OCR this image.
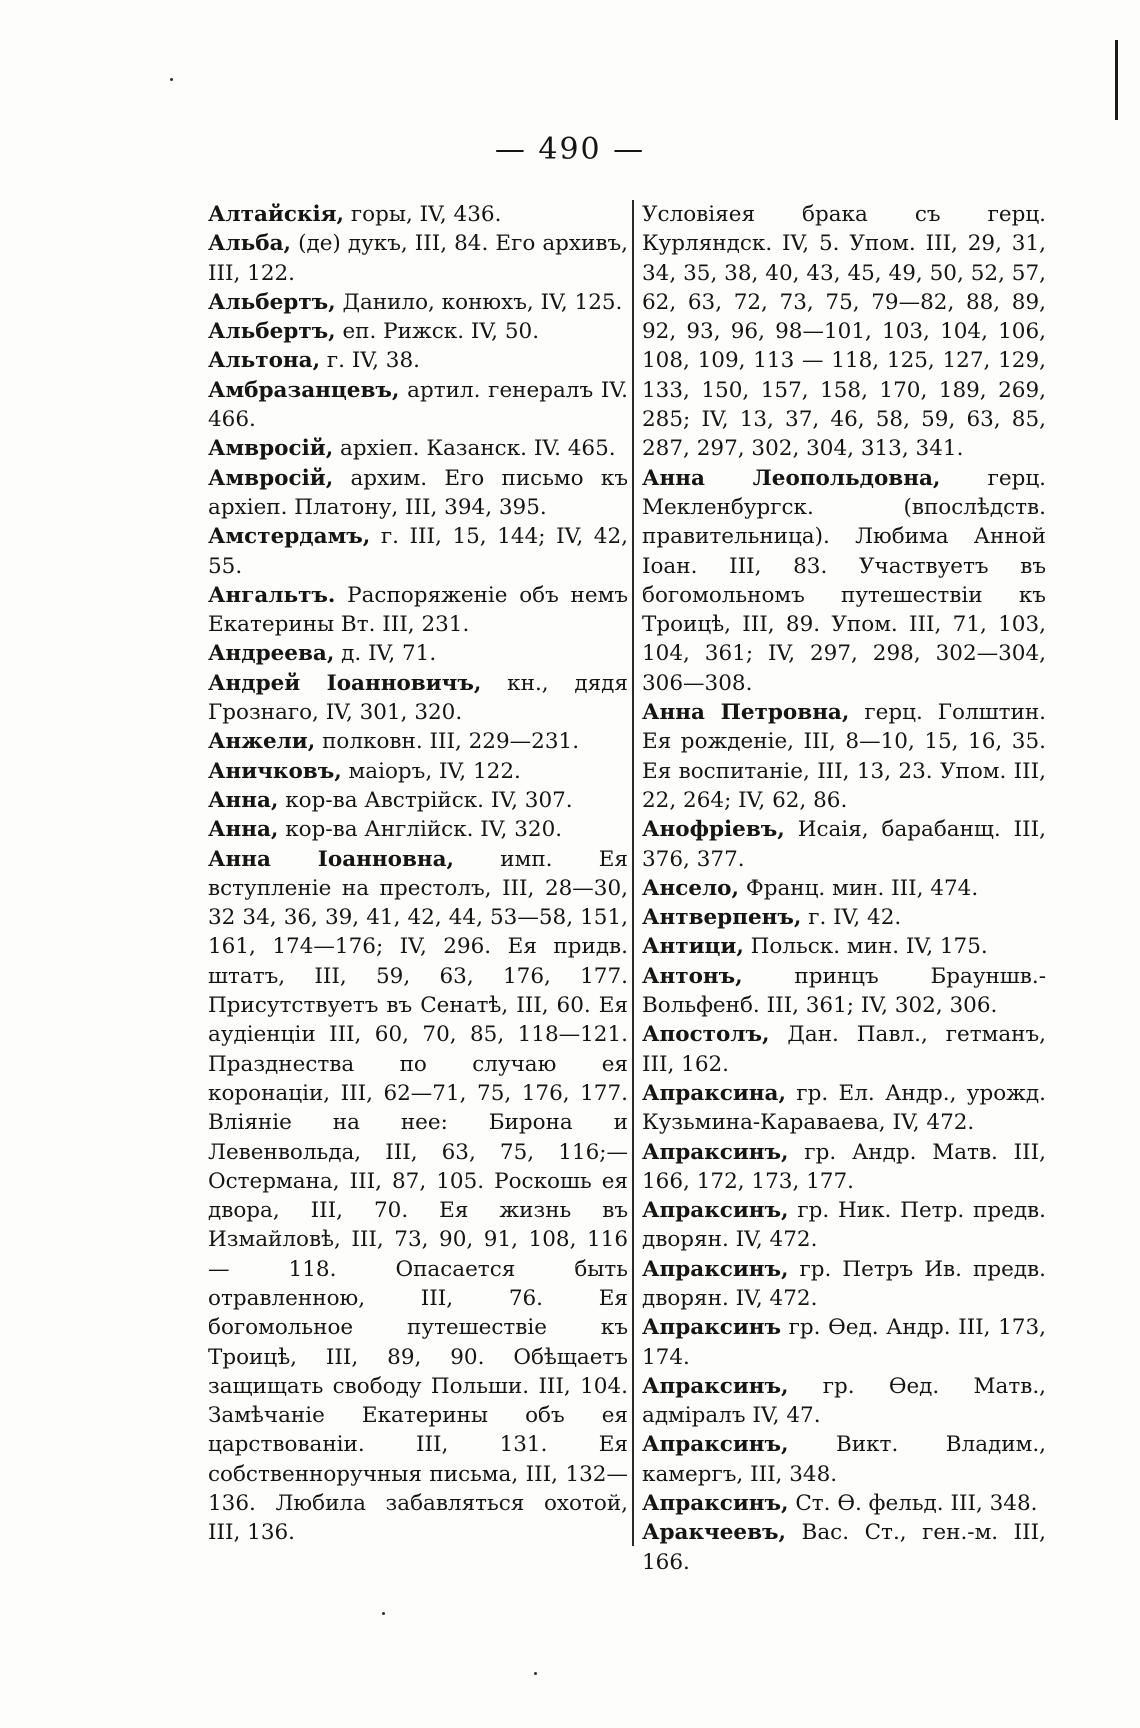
— 490 —
Алтайскія, горы, IV, 436.
Альба, (де) дукъ, III, 84. Его архивъ, III, 122.
Альбертъ, Данило, конюхъ, IV, 125.
Альбертъ, еп. Рижск. IV, 50.
Альтона, г. IV, 38.
Амбразанцевъ, артил. генералъ IV. 466.
Амвросій, архіеп. Казанск. IV. 465.
Амвросій, архим. Его письмо къ архіеп. Платону, III, 394, 395.
Амстердамъ, г. III, 15, 144; IV, 42, 55.
Ангальтъ. Распоряженіе объ немъ Екатерины Вт. III, 231.
Андреева, д. IV, 71.
Андрей Іоанновичъ, кн., дядя Грознаго, IV, 301, 320.
Анжели, полковн. III, 229—231.
Аничковъ, маіоръ, IV, 122.
Анна, кор-ва Австрійск. IV, 307.
Анна, кор-ва Англійск. IV, 320.
Анна Іоанновна, имп. Ея вступленіе на престолъ, III, 28—30, 32 34, 36, 39, 41, 42, 44, 53—58, 151, 161, 174—176; IV, 296. Ея придв. штатъ, III, 59, 63, 176, 177. Присутствуетъ въ Сенатѣ, III, 60. Ея аудіенціи III, 60, 70, 85, 118—121. Празднества по случаю ея коронаціи, III, 62—71, 75, 176, 177. Вліяніе на нее: Бирона и Левенвольда, III, 63, 75, 116;—Остермана, III, 87, 105. Роскошь ея двора, III, 70. Ея жизнь въ Измайловѣ, III, 73, 90, 91, 108, 116 — 118. Опасается быть отравленною, III, 76. Ея богомольное путешествіе къ Троицѣ, III, 89, 90. Обѣщаетъ защищать свободу Польши. III, 104. Замѣчаніе Екатерины объ ея царствованіи. III, 131. Ея собственноручныя письма, III, 132—136. Любила забавляться охотой, III, 136.
Условіяея брака съ герц. Курляндск. IV, 5. Упом. III, 29, 31, 34, 35, 38, 40, 43, 45, 49, 50, 52, 57, 62, 63, 72, 73, 75, 79—82, 88, 89, 92, 93, 96, 98—101, 103, 104, 106, 108, 109, 113 — 118, 125, 127, 129, 133, 150, 157, 158, 170, 189, 269, 285; IV, 13, 37, 46, 58, 59, 63, 85, 287, 297, 302, 304, 313, 341.
Анна Леопольдовна, герц. Мекленбургск. (впослѣдств. правительница). Любима Анной Іоан. III, 83. Участвуетъ въ богомольномъ путешествіи къ Троицѣ, III, 89. Упом. III, 71, 103, 104, 361; IV, 297, 298, 302—304, 306—308.
Анна Петровна, герц. Голштин. Ея рожденіе, III, 8—10, 15, 16, 35. Ея воспитаніе, III, 13, 23. Упом. III, 22, 264; IV, 62, 86.
Анофріевъ, Исаія, барабанщ. III, 376, 377.
Ансело, Франц. мин. III, 474.
Антверпенъ, г. IV, 42.
Антици, Польск. мин. IV, 175.
Антонъ, принцъ Брауншв.-Вольфенб. III, 361; IV, 302, 306.
Апостолъ, Дан. Павл., гетманъ, III, 162.
Апраксина, гр. Ел. Андр., урожд. Кузьмина-Караваева, IV, 472.
Апраксинъ, гр. Андр. Матв. III, 166, 172, 173, 177.
Апраксинъ, гр. Ник. Петр. предв. дворян. IV, 472.
Апраксинъ, гр. Петръ Ив. предв. дворян. IV, 472.
Апраксинъ гр. Өед. Андр. III, 173, 174.
Апраксинъ, гр. Өед. Матв., адміралъ IV, 47.
Апраксинъ, Викт. Владим., камергъ, III, 348.
Апраксинъ, Ст. Ө. фельд. III, 348.
Аракчеевъ, Вас. Ст., ген.-м. III, 166.
